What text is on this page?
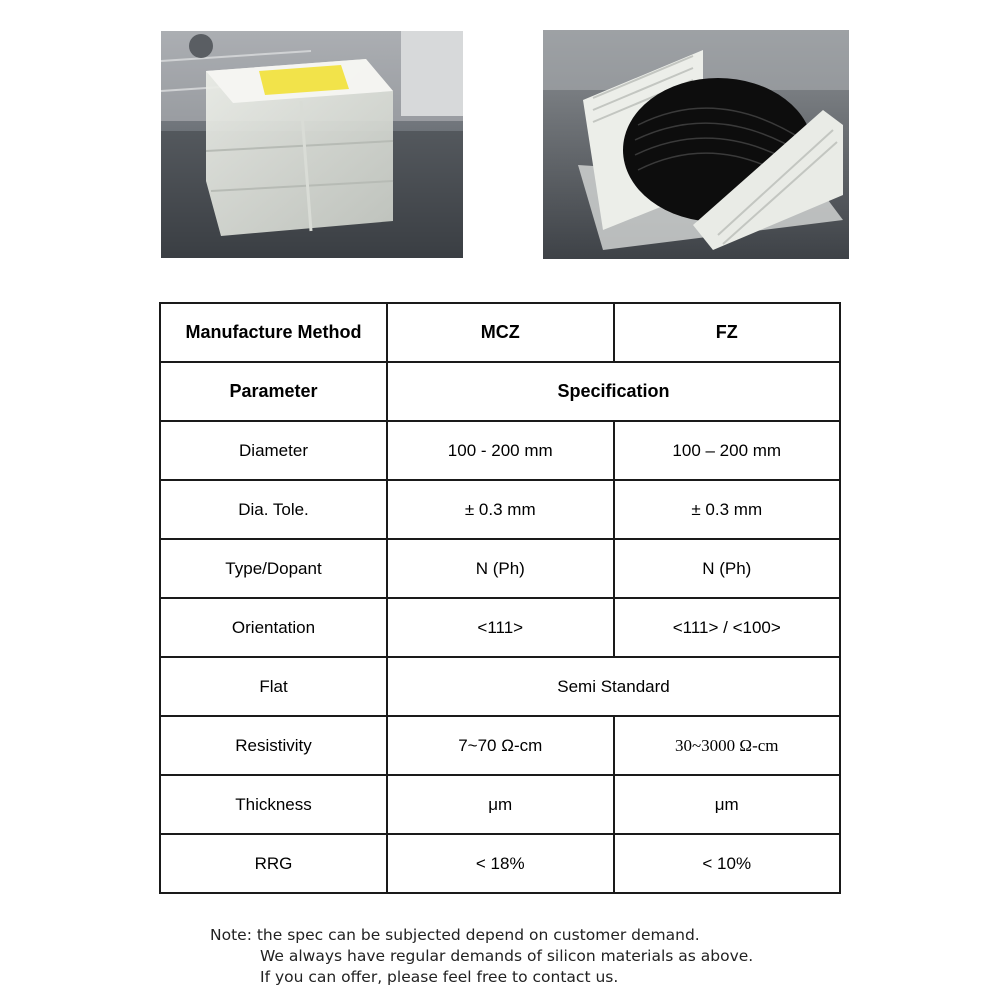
Manufacture Method	MCZ	FZ
Parameter	Specification	
Diameter	100 - 200 mm	100 – 200 mm
Dia. Tole.	± 0.3 mm	± 0.3 mm
Type/Dopant	N (Ph)	N (Ph)
Orientation	<111>	<111> / <100>
Flat	Semi Standard	
Resistivity	7~70 Ω-cm	30~3000 Ω-cm
Thickness	μm	μm
RRG	< 18%	< 10%
Note: the spec can be subjected depend on customer demand.
We always have regular demands of silicon materials as above.
If you can offer, please feel free to contact us.
